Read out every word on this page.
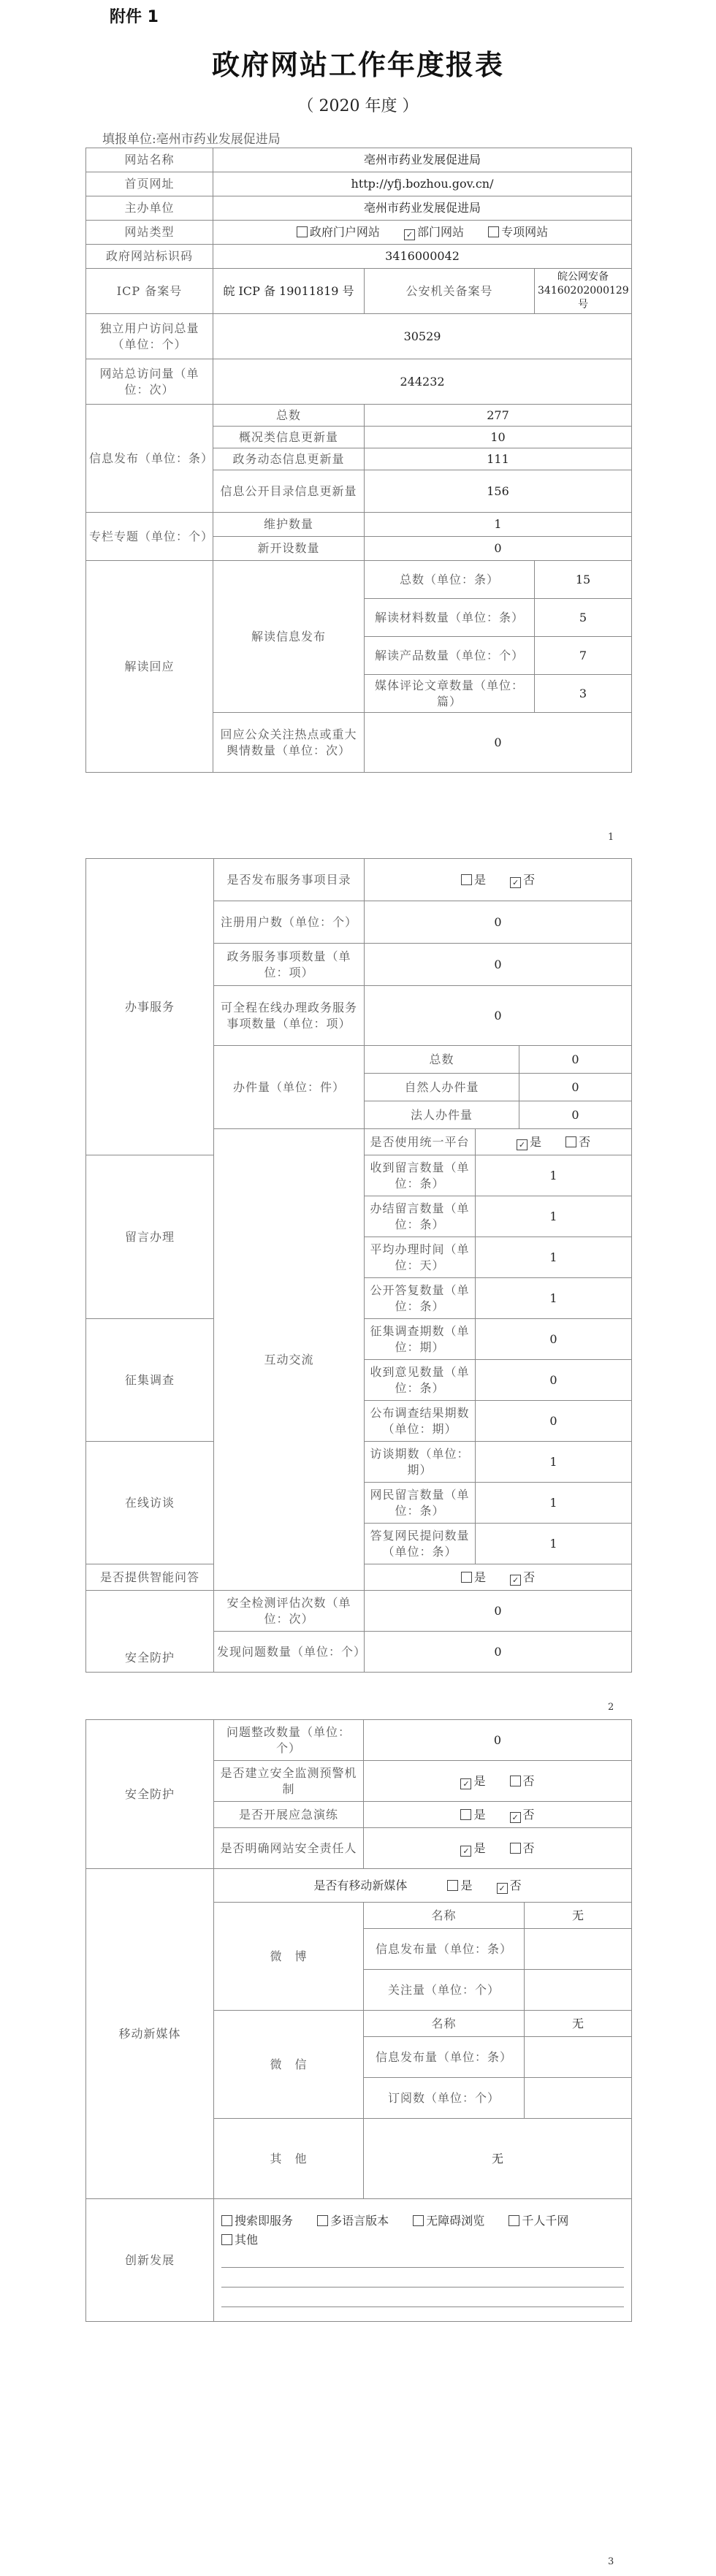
附件 1
政府网站工作年度报表
（ 2020 年度 ）
填报单位:亳州市药业发展促进局
网站名称	亳州市药业发展促进局		
首页网址	http://yfj.bozhou.gov.cn/		
主办单位	亳州市药业发展促进局		
网站类型	政府门户网站 ✓ 部门网站 专项网站		
政府网站标识码	3416000042		
ICP 备案号	皖 ICP 备 19011819 号	公安机关备案号	皖公网安备 34160202000129 号
独立用户访问总量（单位：个）	30529		
网站总访问量（单位：次）	244232		
信息发布（单位：条）	总数	277	
	概况类信息更新量	10	
	政务动态信息更新量	111	
	信息公开目录信息更新量	156	
专栏专题（单位：个）	维护数量	1	
	新开设数量	0	
解读回应	解读信息发布	总数（单位：条）	15
		解读材料数量（单位：条）	5
		解读产品数量（单位：个）	7
		媒体评论文章数量（单位：篇）	3
	回应公众关注热点或重大舆情数量（单位：次）	0	
1
办事服务	是否发布服务事项目录	是 ✓ 否		
	注册用户数（单位：个）	0		
	政务服务事项数量（单位：项）	0		
	可全程在线办理政务服务事项数量（单位：项）	0		
	办件量（单位：件）	总数		0
		自然人办件量		0
		法人办件量		0
	互动交流	是否使用统一平台	✓ 是 否	
留言办理		收到留言数量（单位：条）	1	
		办结留言数量（单位：条）	1	
		平均办理时间（单位：天）	1	
		公开答复数量（单位：条）	1	
征集调查		征集调查期数（单位：期）	0	
		收到意见数量（单位：条）	0	
		公布调查结果期数（单位：期）	0	
在线访谈		访谈期数（单位：期）	1	
		网民留言数量（单位：条）	1	
		答复网民提问数量（单位：条）	1	
是否提供智能问答		是 ✓ 否		
安全防护	安全检测评估次数（单位：次）	0		
	发现问题数量（单位：个）	0		
2
安全防护	问题整改数量（单位：个）	0	
	是否建立安全监测预警机制	✓ 是 否	
	是否开展应急演练	是 ✓ 否	
	是否明确网站安全责任人	✓ 是 否	
移动新媒体	是否有移动新媒体 是 ✓ 否		
	微　博	名称	无
		信息发布量（单位：条）	
		关注量（单位：个）	
	微　信	名称	无
		信息发布量（单位：条）	
		订阅数（单位：个）	
	其　他	无	
创新发展	搜索即服务 多语言版本 无障碍浏览 千人千网
其他		
3
